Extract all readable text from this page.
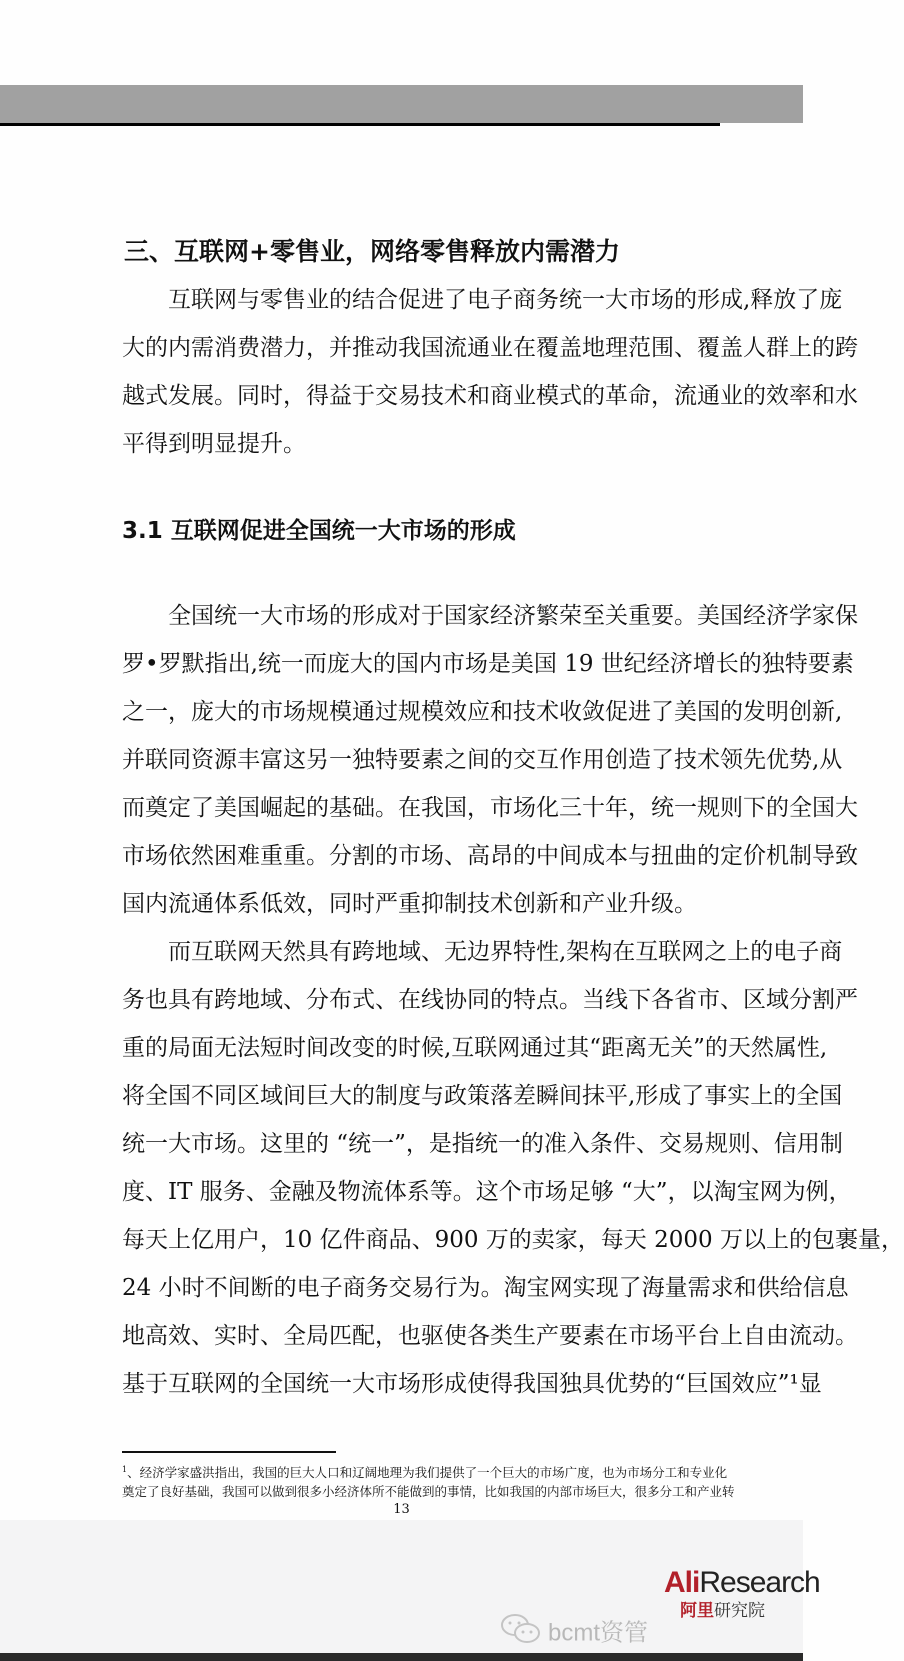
三、互联网+零售业，网络零售释放内需潜力
互联网与零售业的结合促进了电子商务统一大市场的形成,释放了庞
大的内需消费潜力，并推动我国流通业在覆盖地理范围、覆盖人群上的跨
越式发展。同时，得益于交易技术和商业模式的革命，流通业的效率和水
平得到明显提升。
3.1 互联网促进全国统一大市场的形成
全国统一大市场的形成对于国家经济繁荣至关重要。美国经济学家保
罗•罗默指出,统一而庞大的国内市场是美国 19 世纪经济增长的独特要素
之一，庞大的市场规模通过规模效应和技术收敛促进了美国的发明创新,
并联同资源丰富这另一独特要素之间的交互作用创造了技术领先优势,从
而奠定了美国崛起的基础。在我国，市场化三十年，统一规则下的全国大
市场依然困难重重。分割的市场、高昂的中间成本与扭曲的定价机制导致
国内流通体系低效，同时严重抑制技术创新和产业升级。
而互联网天然具有跨地域、无边界特性,架构在互联网之上的电子商
务也具有跨地域、分布式、在线协同的特点。当线下各省市、区域分割严
重的局面无法短时间改变的时候,互联网通过其“距离无关”的天然属性,
将全国不同区域间巨大的制度与政策落差瞬间抹平,形成了事实上的全国
统一大市场。这里的 “统一”，是指统一的准入条件、交易规则、信用制
度、IT 服务、金融及物流体系等。这个市场足够 “大”，以淘宝网为例，
每天上亿用户，10 亿件商品、900 万的卖家，每天 2000 万以上的包裹量，
24 小时不间断的电子商务交易行为。淘宝网实现了海量需求和供给信息
地高效、实时、全局匹配，也驱使各类生产要素在市场平台上自由流动。
基于互联网的全国统一大市场形成使得我国独具优势的“巨国效应”¹显
$^1$、经济学家盛洪指出，我国的巨大人口和辽阔地理为我们提供了一个巨大的市场广度，也为市场分工和专业化
奠定了良好基础，我国可以做到很多小经济体所不能做到的事情，比如我国的内部市场巨大，很多分工和产业转
13
bcmt资管
AliResearch
阿里研究院
